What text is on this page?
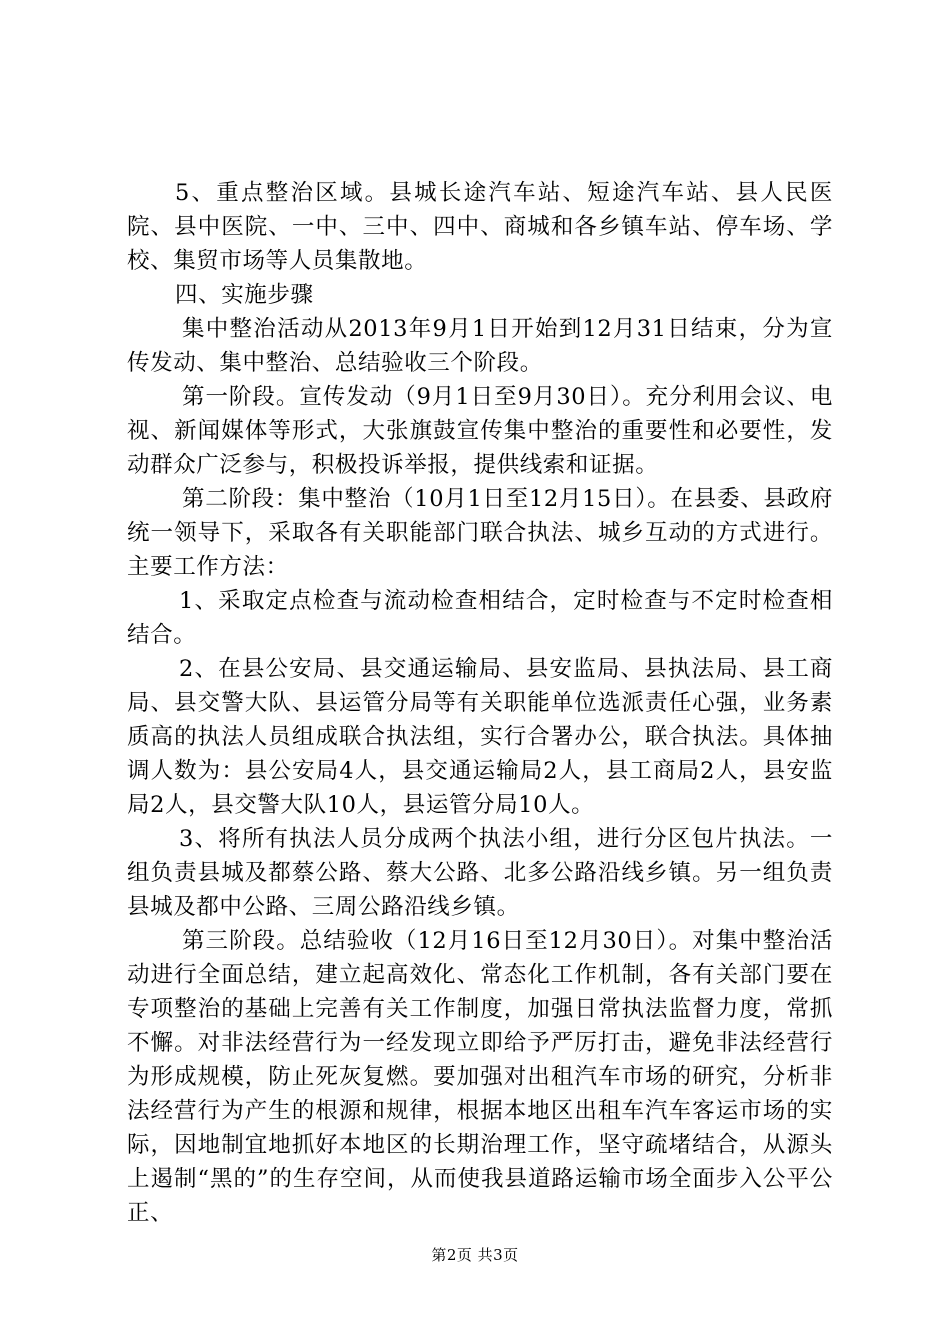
5、重点整治区域。县城长途汽车站、短途汽车站、县人民医院、县中医院、一中、三中、四中、商城和各乡镇车站、停车场、学校、集贸市场等人员集散地。

四、实施步骤

集中整治活动从2013年9月1日开始到12月31日结束，分为宣传发动、集中整治、总结验收三个阶段。

第一阶段。宣传发动（9月1日至9月30日）。充分利用会议、电视、新闻媒体等形式，大张旗鼓宣传集中整治的重要性和必要性，发动群众广泛参与，积极投诉举报，提供线索和证据。

第二阶段：集中整治（10月1日至12月15日）。在县委、县政府统一领导下，采取各有关职能部门联合执法、城乡互动的方式进行。主要工作方法：

1、采取定点检查与流动检查相结合，定时检查与不定时检查相结合。

2、在县公安局、县交通运输局、县安监局、县执法局、县工商局、县交警大队、县运管分局等有关职能单位选派责任心强，业务素质高的执法人员组成联合执法组，实行合署办公，联合执法。具体抽调人数为：县公安局4人，县交通运输局2人，县工商局2人，县安监局2人，县交警大队10人，县运管分局10人。

3、将所有执法人员分成两个执法小组，进行分区包片执法。一组负责县城及都蔡公路、蔡大公路、北多公路沿线乡镇。另一组负责县城及都中公路、三周公路沿线乡镇。

第三阶段。总结验收（12月16日至12月30日）。对集中整治活动进行全面总结，建立起高效化、常态化工作机制，各有关部门要在专项整治的基础上完善有关工作制度，加强日常执法监督力度，常抓不懈。对非法经营行为一经发现立即给予严厉打击，避免非法经营行为形成规模，防止死灰复燃。要加强对出租汽车市场的研究，分析非法经营行为产生的根源和规律，根据本地区出租车汽车客运市场的实际，因地制宜地抓好本地区的长期治理工作，坚守疏堵结合，从源头上遏制“黑的”的生存空间，从而使我县道路运输市场全面步入公平公正、

第2页 共3页
